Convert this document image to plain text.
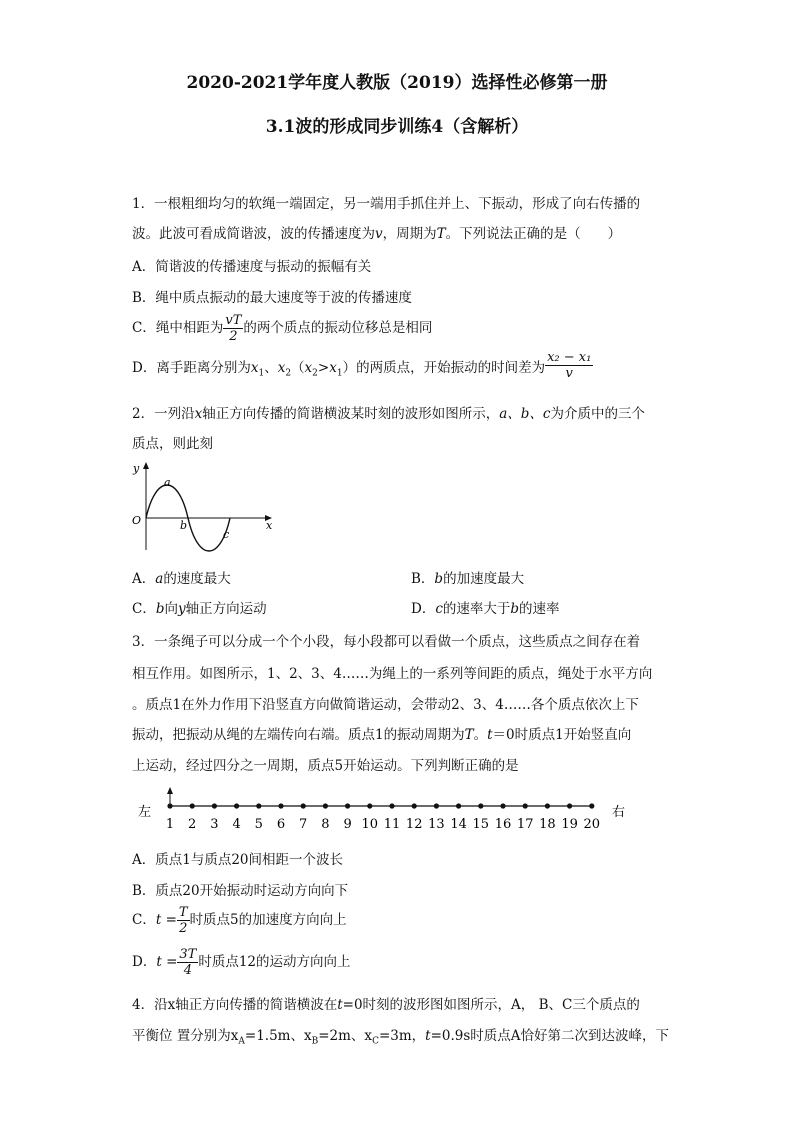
2020-2021学年度人教版（2019）选择性必修第一册
3.1波的形成同步训练4（含解析）
1．一根粗细均匀的软绳一端固定，另一端用手抓住并上、下振动，形成了向右传播的
波。此波可看成简谐波，波的传播速度为v，周期为T。下列说法正确的是（　　）
A．简谐波的传播速度与振动的振幅有关
B．绳中质点振动的最大速度等于波的传播速度
C．绳中相距为 $\frac{vT}{2}$ 的两个质点的振动位移总是相同
D．离手距离分别为$x_1$、$x_2(x_2>x_1)$的两质点，开始振动的时间差为 $\frac{\text{x₂ − x₁}}{v}$
2．一列沿x轴正方向传播的简谐横波某时刻的波形如图所示，a、b、c为介质中的三个
质点，则此刻
y
O
a
b
c
x
A．a的速度最大	B．b的加速度最大
C．b向y轴正方向运动	D．c的速率大于b的速率
3．一条绳子可以分成一个个小段，每小段都可以看做一个质点，这些质点之间存在着
相互作用。如图所示，1、2、3、4……为绳上的一系列等间距的质点，绳处于水平方向
。质点1在外力作用下沿竖直方向做简谐运动，会带动2、3、4……各个质点依次上下
振动，把振动从绳的左端传向右端。质点1的振动周期为T。t＝0时质点1开始竖直向
上运动，经过四分之一周期，质点5开始运动。下列判断正确的是
左	右
1 2 3 4 5 6 7 8 9 10 11 12 13 14 15 16 17 18 19 20
A．质点1与质点20间相距一个波长
B．质点20开始振动时运动方向向下
C．$t = \frac{T}{2}$ 时质点5的加速度方向向上
D．$t = \frac{3T}{4}$ 时质点12的运动方向向上
4．沿x轴正方向传播的简谐横波在t=0时刻的波形图如图所示，A， B、C三个质点的
平衡位 置分别为$x_A=1.5m$、$x_B=2m$、$x_C=3m$，t=0.9s时质点A恰好第二次到达波峰，下
